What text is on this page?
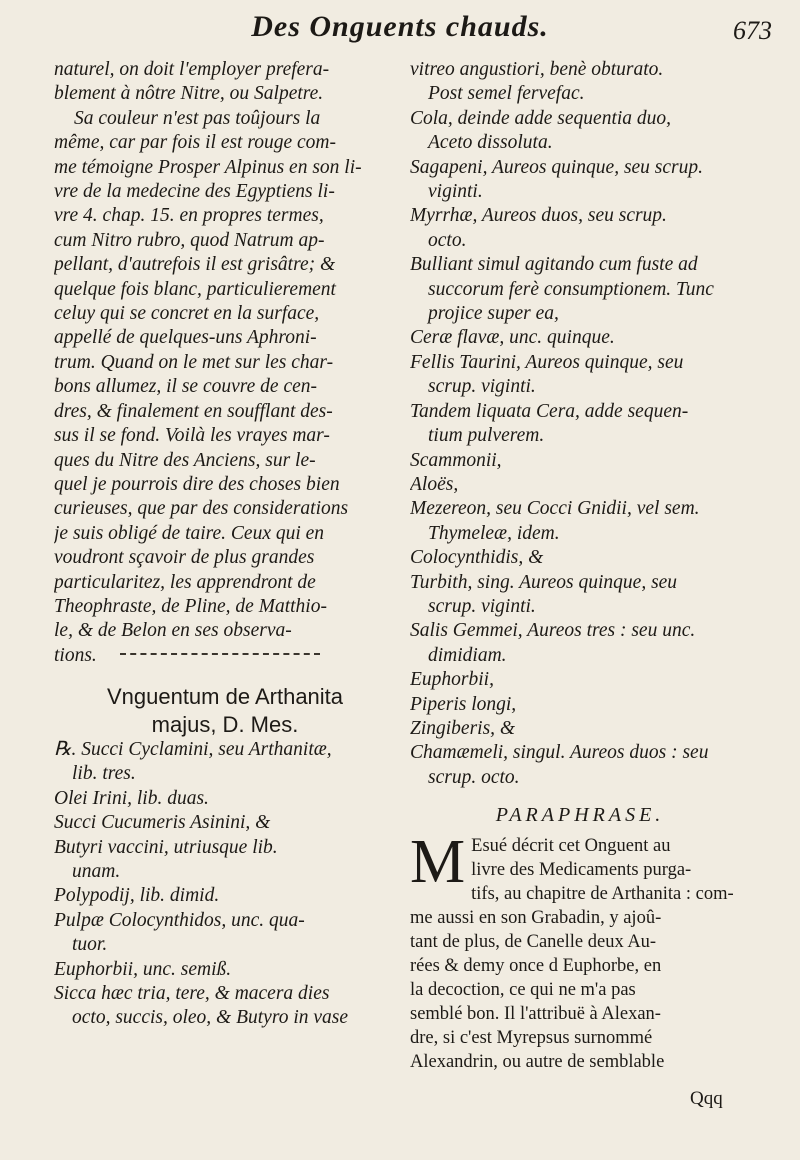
Des Onguents chauds.	673
naturel, on doit l'employer prefera-
blement à nôtre Nitre, ou Salpetre.
Sa couleur n'est pas toûjours la
même, car par fois il est rouge com-
me témoigne Prosper Alpinus en son li-
vre de la medecine des Egyptiens li-
vre 4. chap. 15. en propres termes,
cum Nitro rubro, quod Natrum ap-
pellant, d'autrefois il est grisâtre; &
quelque fois blanc, particulierement
celuy qui se concret en la surface,
appellé de quelques-uns Aphroni-
trum. Quand on le met sur les char-
bons allumez, il se couvre de cen-
dres, & finalement en soufflant des-
sus il se fond. Voilà les vrayes mar-
ques du Nitre des Anciens, sur le-
quel je pourrois dire des choses bien
curieuses, que par des considerations
je suis obligé de taire. Ceux qui en
voudront sçavoir de plus grandes
particularitez, les apprendront de
Theophraste, de Pline, de Matthio-
le, & de Belon en ses observa-
tions.
Vnguentum de Arthanita
majus, D. Mes.
℞. Succi Cyclamini, seu Arthanitæ,
lib. tres.
Olei Irini, lib. duas.
Succi Cucumeris Asinini, &
Butyri vaccini, utriusque lib.
unam.
Polypodij, lib. dimid.
Pulpæ Colocynthidos, unc. qua-
tuor.
Euphorbii, unc. semiß.
Sicca hæc tria, tere, & macera dies
octo, succis, oleo, & Butyro in vase
vitreo angustiori, benè obturato.
Post semel fervefac.
Cola, deinde adde sequentia duo,
Aceto dissoluta.
Sagapeni, Aureos quinque, seu scrup.
viginti.
Myrrhæ, Aureos duos, seu scrup.
octo.
Bulliant simul agitando cum fuste ad
succorum ferè consumptionem. Tunc
projice super ea,
Ceræ flavæ, unc. quinque.
Fellis Taurini, Aureos quinque, seu
scrup. viginti.
Tandem liquata Cera, adde sequen-
tium pulverem.
Scammonii,
Aloës,
Mezereon, seu Cocci Gnidii, vel sem.
Thymeleæ, idem.
Colocynthidis, &
Turbith, sing. Aureos quinque, seu
scrup. viginti.
Salis Gemmei, Aureos tres : seu unc.
dimidiam.
Euphorbii,
Piperis longi,
Zingiberis, &
Chamæmeli, singul. Aureos duos : seu
scrup. octo.
PARAPHRASE.
M Esué décrit cet Onguent au
livre des Medicaments purga-
tifs, au chapitre de Arthanita : com-
me aussi en son Grabadin, y ajoû-
tant de plus, de Canelle deux Au-
rées & demy once d Euphorbe, en
la decoction, ce qui ne m'a pas
semblé bon. Il l'attribuë à Alexan-
dre, si c'est Myrepsus surnommé
Alexandrin, ou autre de semblable
Qqq
